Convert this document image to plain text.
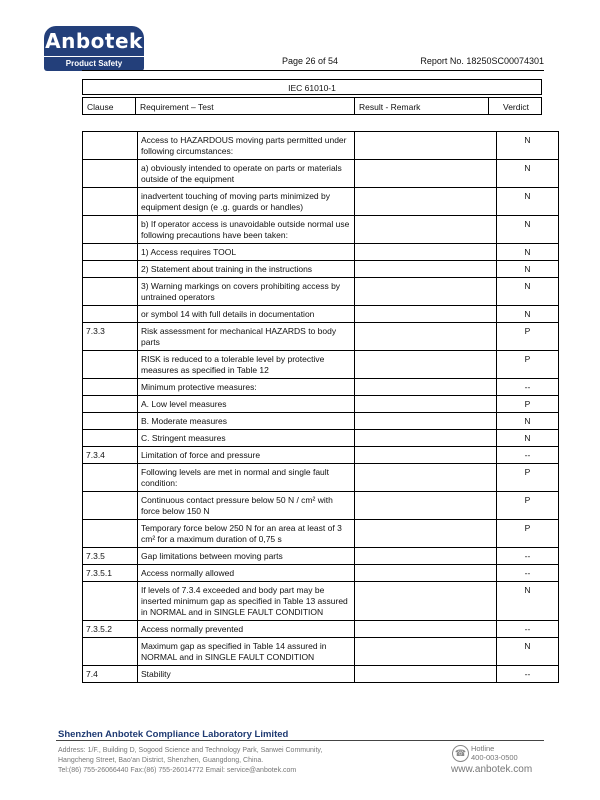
Anbotek
Product Safety	Page 26 of 54	Report No. 18250SC00074301
IEC 61010-1
Clause	Requirement – Test	Result - Remark	Verdict
	Access to HAZARDOUS moving parts permitted under following circumstances:		N
	a) obviously intended to operate on parts or materials outside of the equipment		N
	inadvertent touching of moving parts minimized by equipment design (e .g. guards or handles)		N
	b) If operator access is unavoidable outside normal use following precautions have been taken:		N
	1) Access requires TOOL		N
	2) Statement about training in the instructions		N
	3) Warning markings on covers prohibiting access by untrained operators		N
	or symbol 14 with full details in documentation		N
7.3.3	Risk assessment for mechanical HAZARDS to body parts		P
	RISK is reduced to a tolerable level by protective measures as specified in Table 12		P
	Minimum protective measures:		--
	A. Low level measures		P
	B. Moderate measures		N
	C. Stringent measures		N
7.3.4	Limitation of force and pressure		--
	Following levels are met in normal and single fault condition:		P
	Continuous contact pressure below 50 N / cm² with force below 150 N		P
	Temporary force below 250 N for an area at least of 3 cm² for a maximum duration of 0,75 s		P
7.3.5	Gap limitations between moving parts		--
7.3.5.1	Access normally allowed		--
	If levels of 7.3.4 exceeded and body part may be inserted minimum gap as specified in Table 13 assured in NORMAL and in SINGLE FAULT CONDITION		N
7.3.5.2	Access normally prevented		--
	Maximum gap as specified in Table 14 assured in NORMAL and in SINGLE FAULT CONDITION		N
7.4	Stability		--
Shenzhen Anbotek Compliance Laboratory Limited
Address: 1/F., Building D, Sogood Science and Technology Park, Sanwei Community,
Hangcheng Street, Bao'an District, Shenzhen, Guangdong, China.
Tel:(86) 755-26066440 Fax:(86) 755-26014772 Email: service@anbotek.com
☎ Hotline
400-003-0500
www.anbotek.com
